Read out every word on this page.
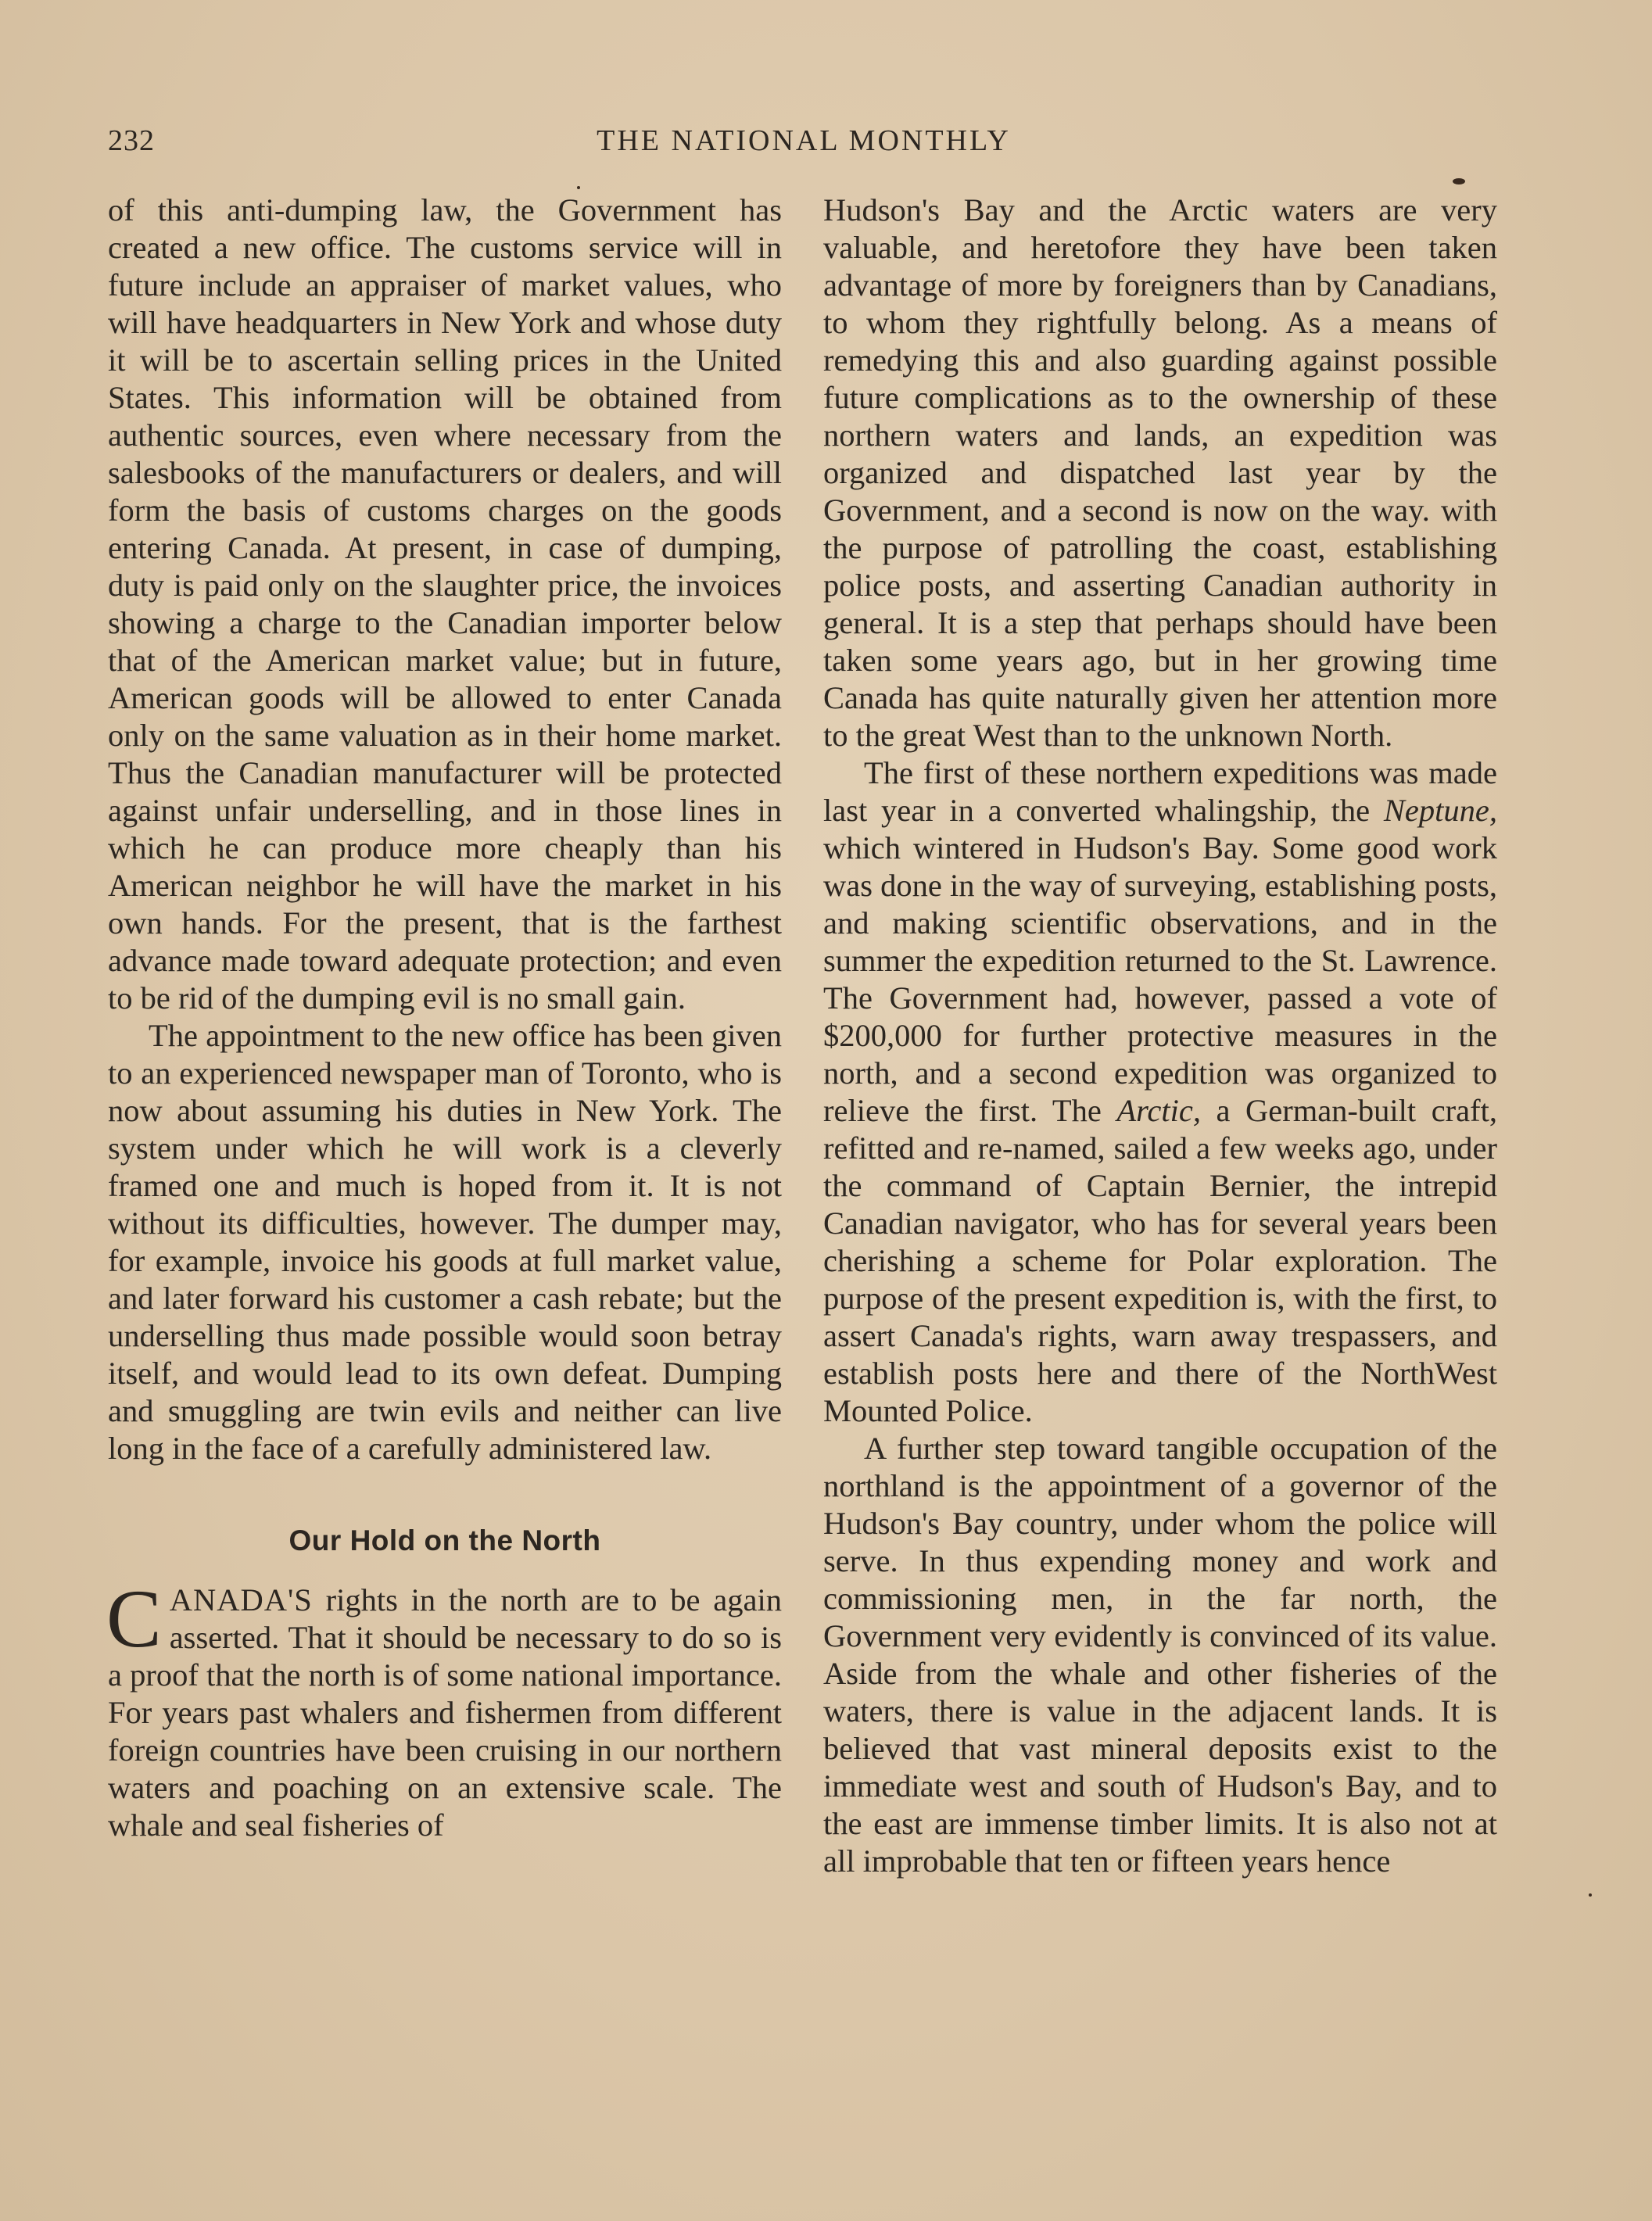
232	THE NATIONAL MONTHLY

of this anti-dumping law, the Government has created a new office. The customs service will in future include an appraiser of market values, who will have headquarters in New York and whose duty it will be to ascertain selling prices in the United States. This information will be obtained from authentic sources, even where necessary from the salesbooks of the manufacturers or dealers, and will form the basis of customs charges on the goods entering Canada. At present, in case of dumping, duty is paid only on the slaughter price, the invoices showing a charge to the Canadian importer below that of the American market value; but in future, American goods will be allowed to enter Canada only on the same valuation as in their home market. Thus the Canadian manufacturer will be protected against unfair underselling, and in those lines in which he can produce more cheaply than his American neighbor he will have the market in his own hands. For the present, that is the farthest advance made toward adequate protection; and even to be rid of the dumping evil is no small gain.

The appointment to the new office has been given to an experienced newspaper man of Toronto, who is now about assuming his duties in New York. The system under which he will work is a cleverly framed one and much is hoped from it. It is not without its difficulties, however. The dumper may, for example, invoice his goods at full market value, and later forward his customer a cash rebate; but the underselling thus made possible would soon betray itself, and would lead to its own defeat. Dumping and smuggling are twin evils and neither can live long in the face of a carefully administered law.

Our Hold on the North

CANADA'S rights in the north are to be again asserted. That it should be necessary to do so is a proof that the north is of some national importance. For years past whalers and fishermen from different foreign countries have been cruising in our northern waters and poaching on an extensive scale. The whale and seal fisheries of

Hudson's Bay and the Arctic waters are very valuable, and heretofore they have been taken advantage of more by foreigners than by Canadians, to whom they rightfully belong. As a means of remedying this and also guarding against possible future complications as to the ownership of these northern waters and lands, an expedition was organized and dispatched last year by the Government, and a second is now on the way. with the purpose of patrolling the coast, establishing police posts, and asserting Canadian authority in general. It is a step that perhaps should have been taken some years ago, but in her growing time Canada has quite naturally given her attention more to the great West than to the unknown North.

The first of these northern expeditions was made last year in a converted whalingship, the Neptune, which wintered in Hudson's Bay. Some good work was done in the way of surveying, establishing posts, and making scientific observations, and in the summer the expedition returned to the St. Lawrence. The Government had, however, passed a vote of $200,000 for further protective measures in the north, and a second expedition was organized to relieve the first. The Arctic, a German-built craft, refitted and re-named, sailed a few weeks ago, under the command of Captain Bernier, the intrepid Canadian navigator, who has for several years been cherishing a scheme for Polar exploration. The purpose of the present expedition is, with the first, to assert Canada's rights, warn away trespassers, and establish posts here and there of the NorthWest Mounted Police.

A further step toward tangible occupation of the northland is the appointment of a governor of the Hudson's Bay country, under whom the police will serve. In thus expending money and work and commissioning men, in the far north, the Government very evidently is convinced of its value. Aside from the whale and other fisheries of the waters, there is value in the adjacent lands. It is believed that vast mineral deposits exist to the immediate west and south of Hudson's Bay, and to the east are immense timber limits. It is also not at all improbable that ten or fifteen years hence
